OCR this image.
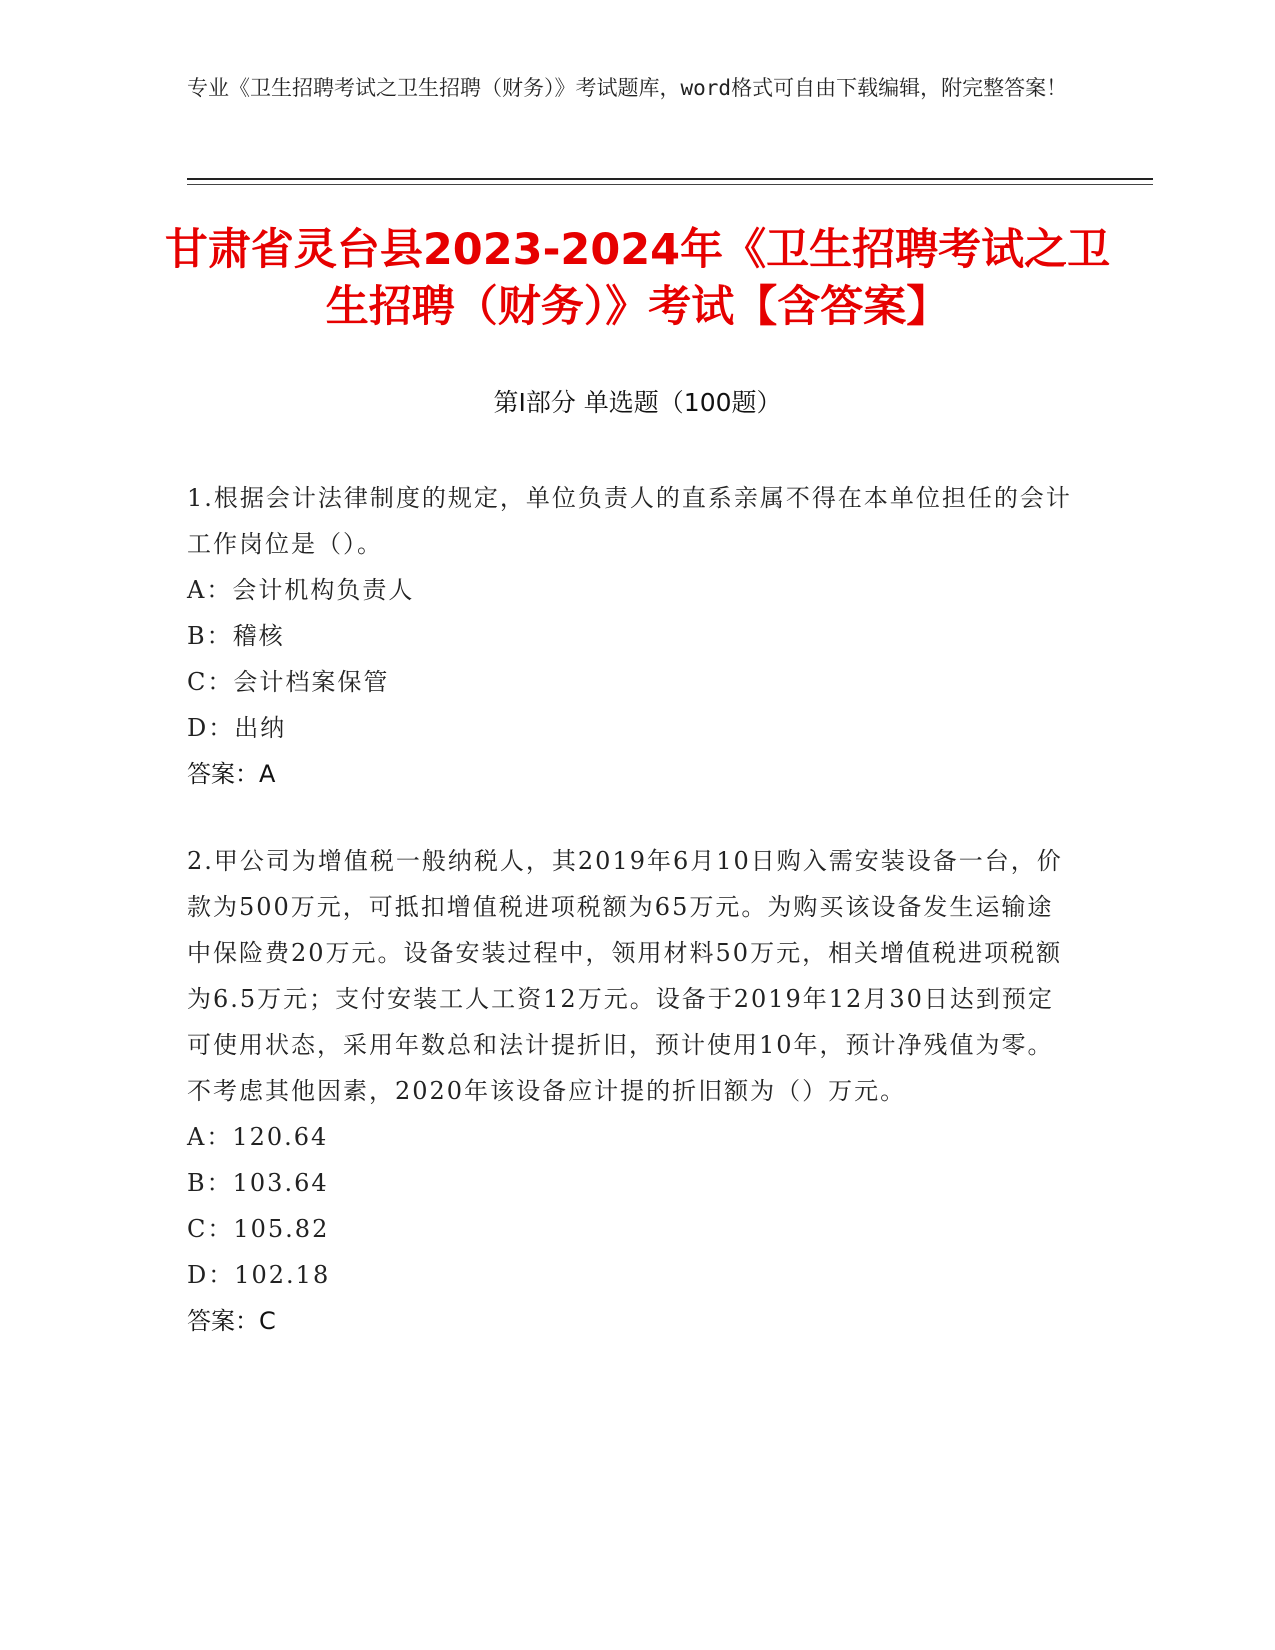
专业《卫生招聘考试之卫生招聘（财务）》考试题库，word格式可自由下载编辑，附完整答案！
甘肃省灵台县2023-2024年《卫生招聘考试之卫生招聘（财务）》考试【含答案】
第Ⅰ部分 单选题（100题）

1.根据会计法律制度的规定，单位负责人的直系亲属不得在本单位担任的会计工作岗位是（）。

A：会计机构负责人

B：稽核

C：会计档案保管

D：出纳

答案：A

2.甲公司为增值税一般纳税人，其2019年6月10日购入需安装设备一台，价款为500万元，可抵扣增值税进项税额为65万元。为购买该设备发生运输途中保险费20万元。设备安装过程中，领用材料50万元，相关增值税进项税额为6.5万元；支付安装工人工资12万元。设备于2019年12月30日达到预定可使用状态，采用年数总和法计提折旧，预计使用10年，预计净残值为零。不考虑其他因素，2020年该设备应计提的折旧额为（）万元。

A：120.64

B：103.64

C：105.82

D：102.18

答案：C
